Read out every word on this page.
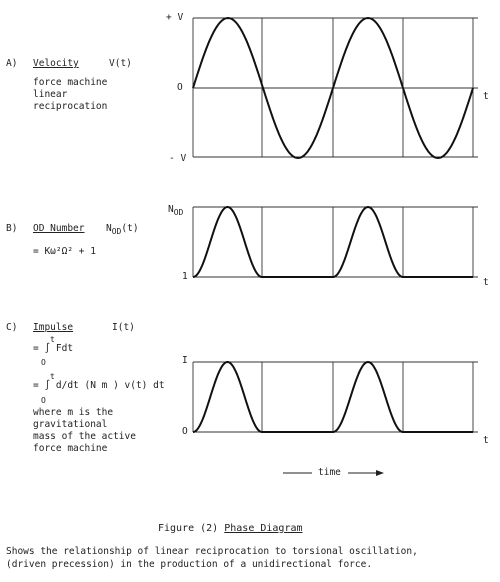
A) Velocity	V(t)
force machine
linear
reciprocation
+ V
O
- V
t
B) OD Number $N_{OD}(t)$
= Kω²Ω² + 1
$N_{OD}$
1
t
C) Impulse	I(t)
t
= ∫ Fdt
O
t
= ∫ d/dt (N m ) v(t) dt
O
where m is the
gravitational
mass of the active
force machine
I
O
t
time
Figure (2) Phase Diagram
Shows the relationship of linear reciprocation to torsional oscillation,
(driven precession) in the production of a unidirectional force.
